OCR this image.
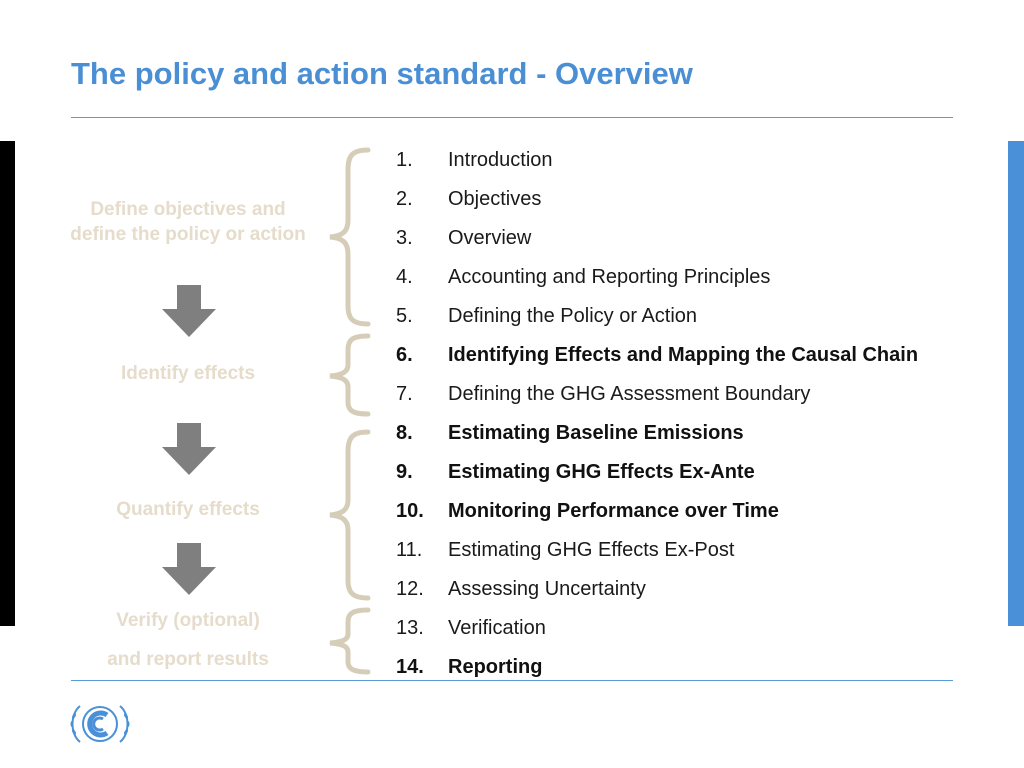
The policy and action standard - Overview
Define objectives and define the policy or action
Identify effects
Quantify effects
Verify (optional)
and report results
1. Introduction
2. Objectives
3. Overview
4. Accounting and Reporting Principles
5. Defining the Policy or Action
6. Identifying Effects and Mapping the Causal Chain
7. Defining the GHG Assessment Boundary
8. Estimating Baseline Emissions
9. Estimating GHG Effects Ex-Ante
10. Monitoring Performance over Time
11. Estimating GHG Effects Ex-Post
12. Assessing Uncertainty
13. Verification
14. Reporting
